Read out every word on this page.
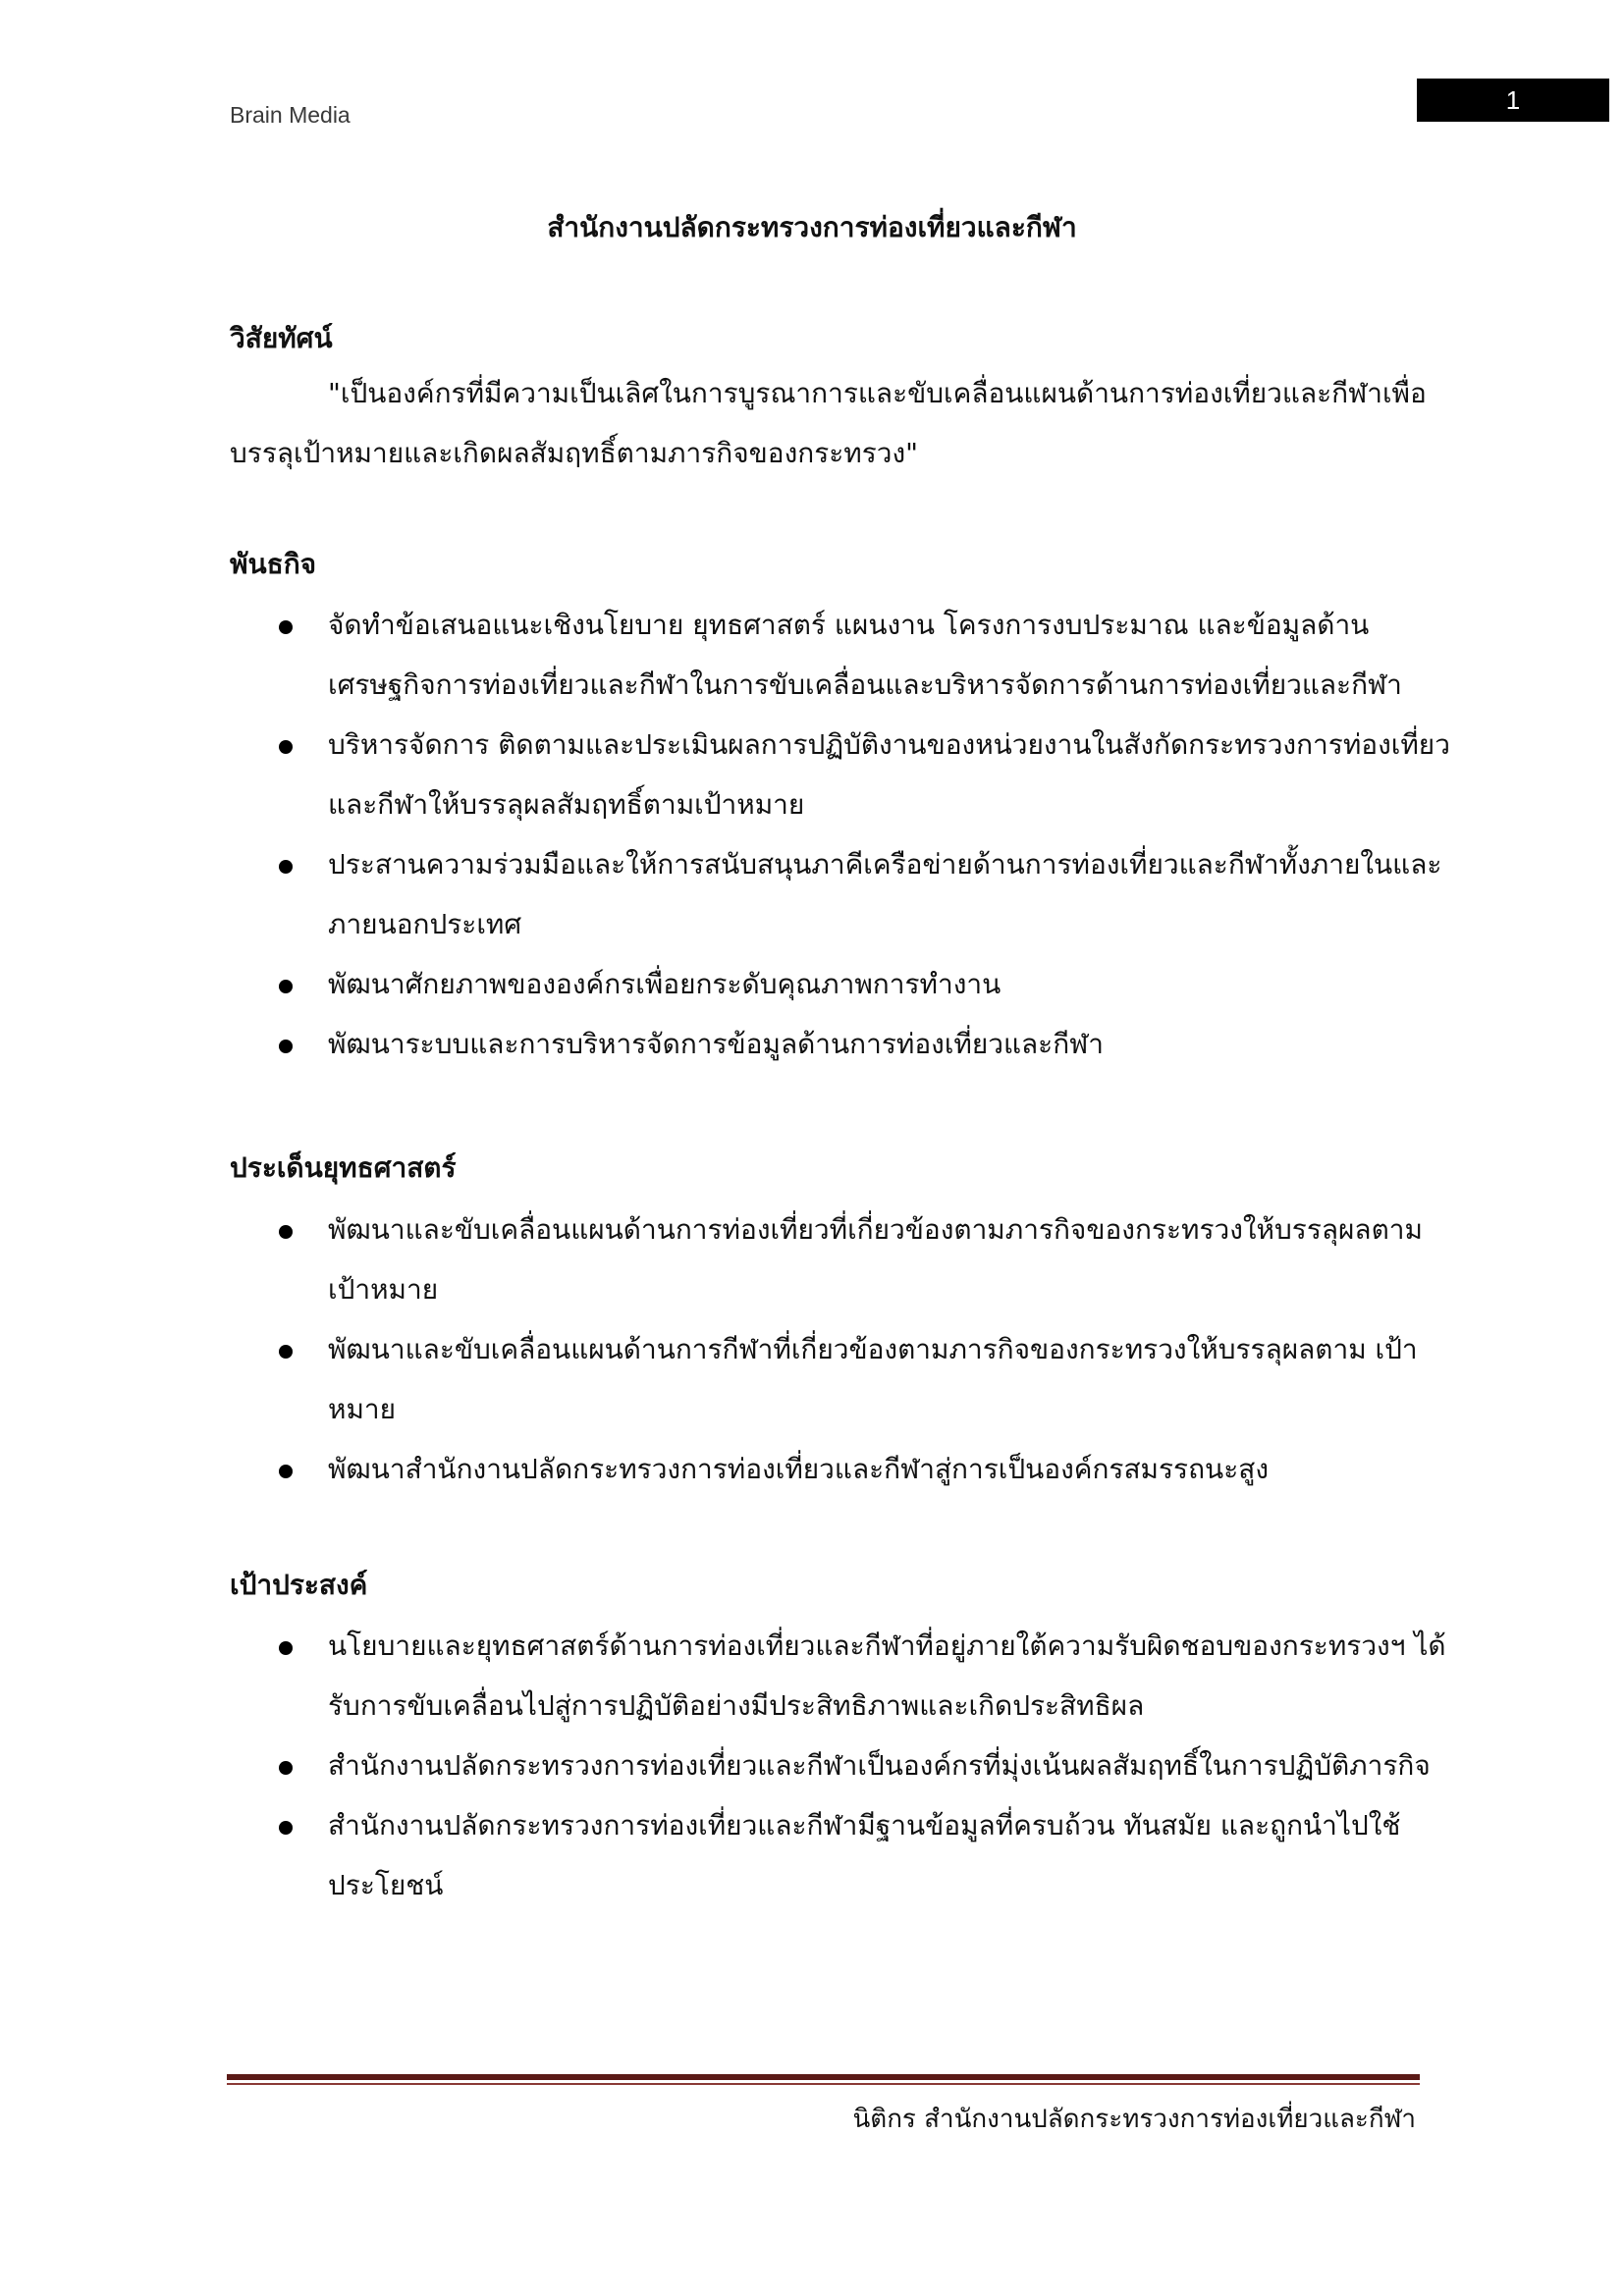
Brain Media	1
สำนักงานปลัดกระทรวงการท่องเที่ยวและกีฬา
วิสัยทัศน์
"เป็นองค์กรที่มีความเป็นเลิศในการบูรณาการและขับเคลื่อนแผนด้านการท่องเที่ยวและกีฬาเพื่อ
บรรลุเป้าหมายและเกิดผลสัมฤทธิ์ตามภารกิจของกระทรวง"
พันธกิจ
จัดทำข้อเสนอแนะเชิงนโยบาย ยุทธศาสตร์ แผนงาน โครงการงบประมาณ และข้อมูลด้าน เศรษฐกิจการท่องเที่ยวและกีฬาในการขับเคลื่อนและบริหารจัดการด้านการท่องเที่ยวและกีฬา
บริหารจัดการ ติดตามและประเมินผลการปฏิบัติงานของหน่วยงานในสังกัดกระทรวงการท่องเที่ยว และกีฬาให้บรรลุผลสัมฤทธิ์ตามเป้าหมาย
ประสานความร่วมมือและให้การสนับสนุนภาคีเครือข่ายด้านการท่องเที่ยวและกีฬาทั้งภายในและ ภายนอกประเทศ
พัฒนาศักยภาพขององค์กรเพื่อยกระดับคุณภาพการทำงาน
พัฒนาระบบและการบริหารจัดการข้อมูลด้านการท่องเที่ยวและกีฬา
ประเด็นยุทธศาสตร์
พัฒนาและขับเคลื่อนแผนด้านการท่องเที่ยวที่เกี่ยวข้องตามภารกิจของกระทรวงให้บรรลุผลตาม เป้าหมาย
พัฒนาและขับเคลื่อนแผนด้านการกีฬาที่เกี่ยวข้องตามภารกิจของกระทรวงให้บรรลุผลตาม เป้าหมาย
พัฒนาสำนักงานปลัดกระทรวงการท่องเที่ยวและกีฬาสู่การเป็นองค์กรสมรรถนะสูง
เป้าประสงค์
นโยบายและยุทธศาสตร์ด้านการท่องเที่ยวและกีฬาที่อยู่ภายใต้ความรับผิดชอบของกระทรวงฯ ได้รับการขับเคลื่อนไปสู่การปฏิบัติอย่างมีประสิทธิภาพและเกิดประสิทธิผล
สำนักงานปลัดกระทรวงการท่องเที่ยวและกีฬาเป็นองค์กรที่มุ่งเน้นผลสัมฤทธิ์ในการปฏิบัติภารกิจ
สำนักงานปลัดกระทรวงการท่องเที่ยวและกีฬามีฐานข้อมูลที่ครบถ้วน ทันสมัย และถูกนำไปใช้ ประโยชน์
นิติกร สำนักงานปลัดกระทรวงการท่องเที่ยวและกีฬา
